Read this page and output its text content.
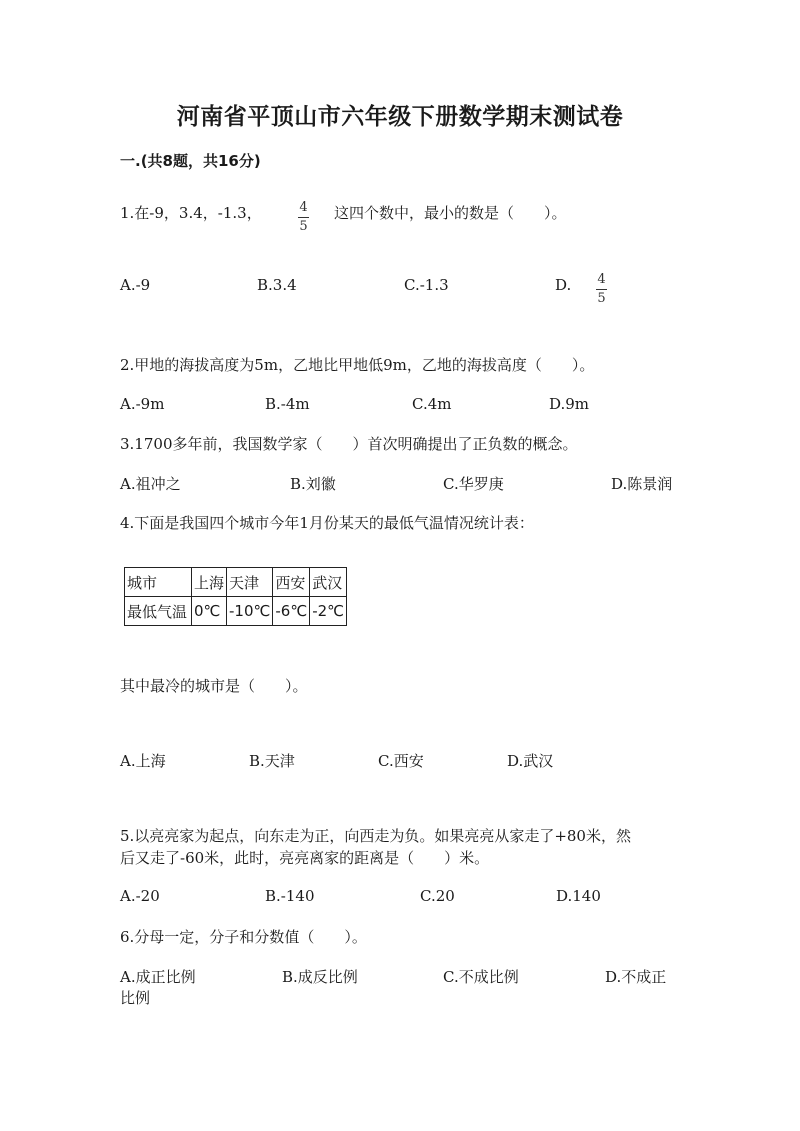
河南省平顶山市六年级下册数学期末测试卷
一.(共8题，共16分)
1.在-9，3.4，-1.3，	$\frac{4}{5}$ 这四个数中，最小的数是（　　）。
A.-9	B.3.4	C.-1.3	D. $\frac{4}{5}$
2.甲地的海拔高度为5m，乙地比甲地低9m，乙地的海拔高度（　　）。
A.-9m	B.-4m	C.4m	D.9m
3.1700多年前，我国数学家（　　）首次明确提出了正负数的概念。
A.祖冲之	B.刘徽	C.华罗庚	D.陈景润
4.下面是我国四个城市今年1月份某天的最低气温情况统计表：
城市	上海	天津	西安	武汉
最低气温	0℃	-10℃	-6℃	-2℃
其中最冷的城市是（　　）。
A.上海	B.天津	C.西安	D.武汉
5.以亮亮家为起点，向东走为正，向西走为负。如果亮亮从家走了+80米，然
后又走了-60米，此时，亮亮离家的距离是（　　）米。
A.-20	B.-140	C.20	D.140
6.分母一定，分子和分数值（　　）。
A.成正比例	B.成反比例	C.不成比例	D.不成正
比例
